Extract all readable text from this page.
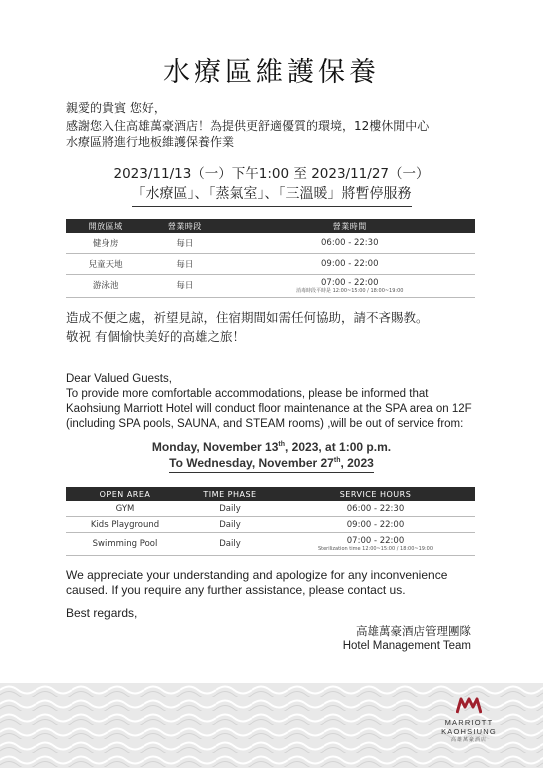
水療區維護保養
親愛的貴賓 您好，
感謝您入住高雄萬豪酒店！為提供更舒適優質的環境，12樓休閒中心
水療區將進行地板維護保養作業
2023/11/13（一）下午1:00 至 2023/11/27（一）
「水療區」、「蒸氣室」、「三溫暖」將暫停服務
開放區域	營業時段	營業時間
健身房	每日	06:00 - 22:30
兒童天地	每日	09:00 - 22:00
游泳池	每日	07:00 - 22:00
消毒時段平時是 12:00~15:00 / 18:00~19:00
造成不便之處，祈望見諒，住宿期間如需任何協助，請不吝賜教。
敬祝 有個愉快美好的高雄之旅！
Dear Valued Guests,
To provide more comfortable accommodations, please be informed that
Kaohsiung Marriott Hotel will conduct floor maintenance at the SPA area on 12F
(including SPA pools, SAUNA, and STEAM rooms) ,will be out of service from:
Monday, November 13th, 2023, at 1:00 p.m.
To Wednesday, November 27th, 2023
OPEN AREA	TIME PHASE	SERVICE HOURS
GYM	Daily	06:00 - 22:30
Kids Playground	Daily	09:00 - 22:00
Swimming Pool	Daily	07:00 - 22:00
Sterilization time 12:00~15:00 / 18:00~19:00
We appreciate your understanding and apologize for any inconvenience
caused. If you require any further assistance, please contact us.
Best regards,
高雄萬豪酒店管理團隊
Hotel Management Team
MARRIOTT
KAOHSIUNG
高雄萬豪酒店
